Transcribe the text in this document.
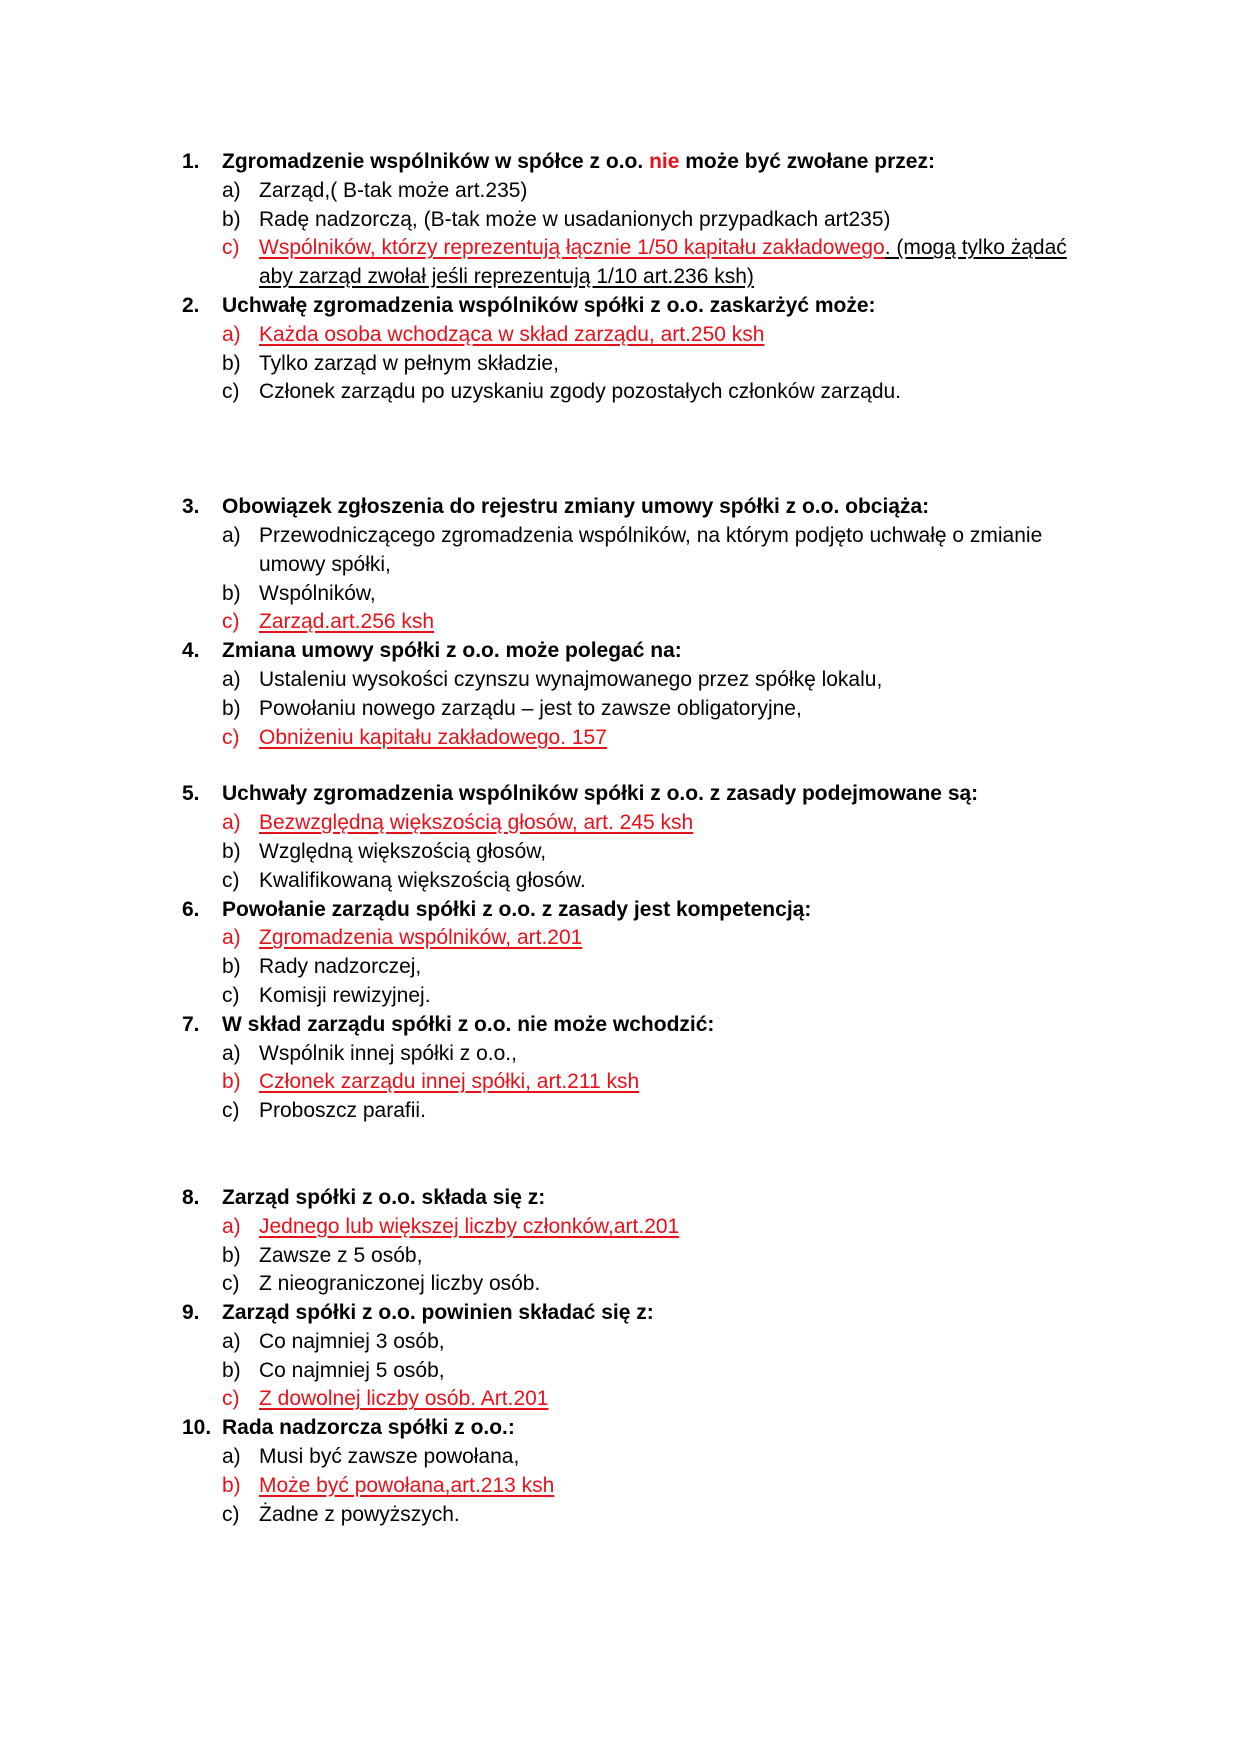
1.	Zgromadzenie wspólników w spółce z o.o. nie może być zwołane przez:
a) Zarząd,( B-tak może art.235)
b) Radę nadzorczą, (B-tak może w usadanionych przypadkach art235)
c) Wspólników, którzy reprezentują łącznie 1/50 kapitału zakładowego. (mogą tylko żądać aby zarząd zwołał jeśli reprezentują 1/10 art.236 ksh)
2.	Uchwałę zgromadzenia wspólników spółki z o.o. zaskarżyć może:
a) Każda osoba wchodząca w skład zarządu, art.250 ksh
b) Tylko zarząd w pełnym składzie,
c) Członek zarządu po uzyskaniu zgody pozostałych członków zarządu.
3.	Obowiązek zgłoszenia do rejestru zmiany umowy spółki z o.o. obciąża:
a) Przewodniczącego zgromadzenia wspólników, na którym podjęto uchwałę o zmianie umowy spółki,
b) Wspólników,
c) Zarząd.art.256 ksh
4.	Zmiana umowy spółki z o.o. może polegać na:
a) Ustaleniu wysokości czynszu wynajmowanego przez spółkę lokalu,
b) Powołaniu nowego zarządu – jest to zawsze obligatoryjne,
c) Obniżeniu kapitału zakładowego. 157
5.	Uchwały zgromadzenia wspólników spółki z o.o. z zasady podejmowane są:
a) Bezwzględną większością głosów, art. 245 ksh
b) Względną większością głosów,
c) Kwalifikowaną większością głosów.
6.	Powołanie zarządu spółki z o.o. z zasady jest kompetencją:
a) Zgromadzenia wspólników, art.201
b) Rady nadzorczej,
c) Komisji rewizyjnej.
7.	W skład zarządu spółki z o.o. nie może wchodzić:
a) Wspólnik innej spółki z o.o.,
b) Członek zarządu innej spółki, art.211 ksh
c) Proboszcz parafii.
8.	Zarząd spółki z o.o. składa się z:
a) Jednego lub większej liczby członków,art.201
b) Zawsze z 5 osób,
c) Z nieograniczonej liczby osób.
9.	Zarząd spółki z o.o. powinien składać się z:
a) Co najmniej 3 osób,
b) Co najmniej 5 osób,
c) Z dowolnej liczby osób. Art.201
10. Rada nadzorcza spółki z o.o.:
a) Musi być zawsze powołana,
b) Może być powołana,art.213 ksh
c) Żadne z powyższych.
